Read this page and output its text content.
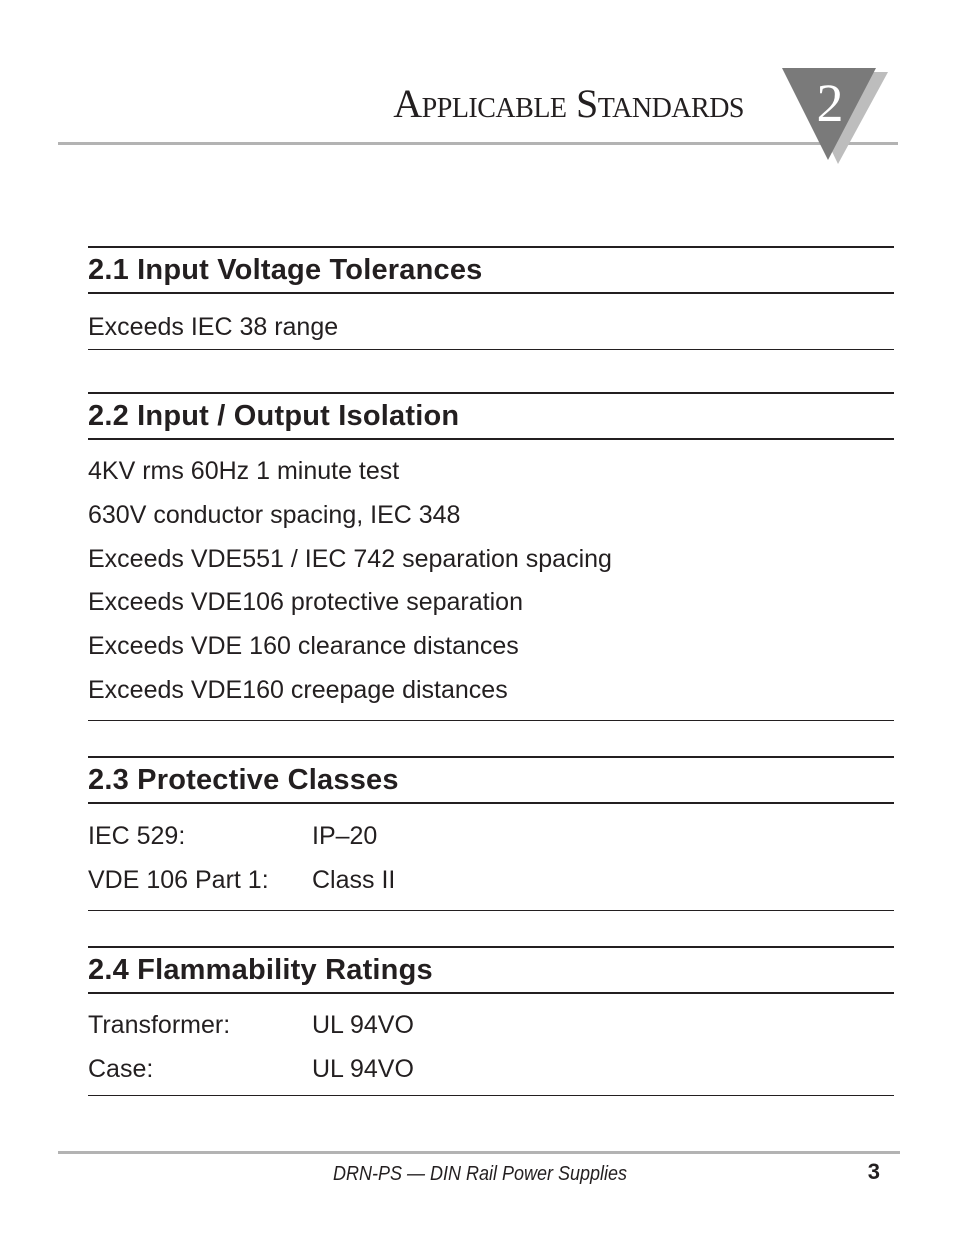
Applicable Standards 2
2.1 Input Voltage Tolerances
Exceeds IEC 38 range
2.2 Input / Output Isolation
4KV rms 60Hz 1 minute test
630V conductor spacing, IEC 348
Exceeds VDE551 / IEC 742 separation spacing
Exceeds VDE106 protective separation
Exceeds VDE 160 clearance distances
Exceeds VDE160 creepage distances
2.3 Protective Classes
IEC 529:	IP–20
VDE 106 Part 1:	Class II
2.4 Flammability Ratings
Transformer:	UL 94VO
Case:	UL 94VO
DRN-PS — DIN Rail Power Supplies	3
